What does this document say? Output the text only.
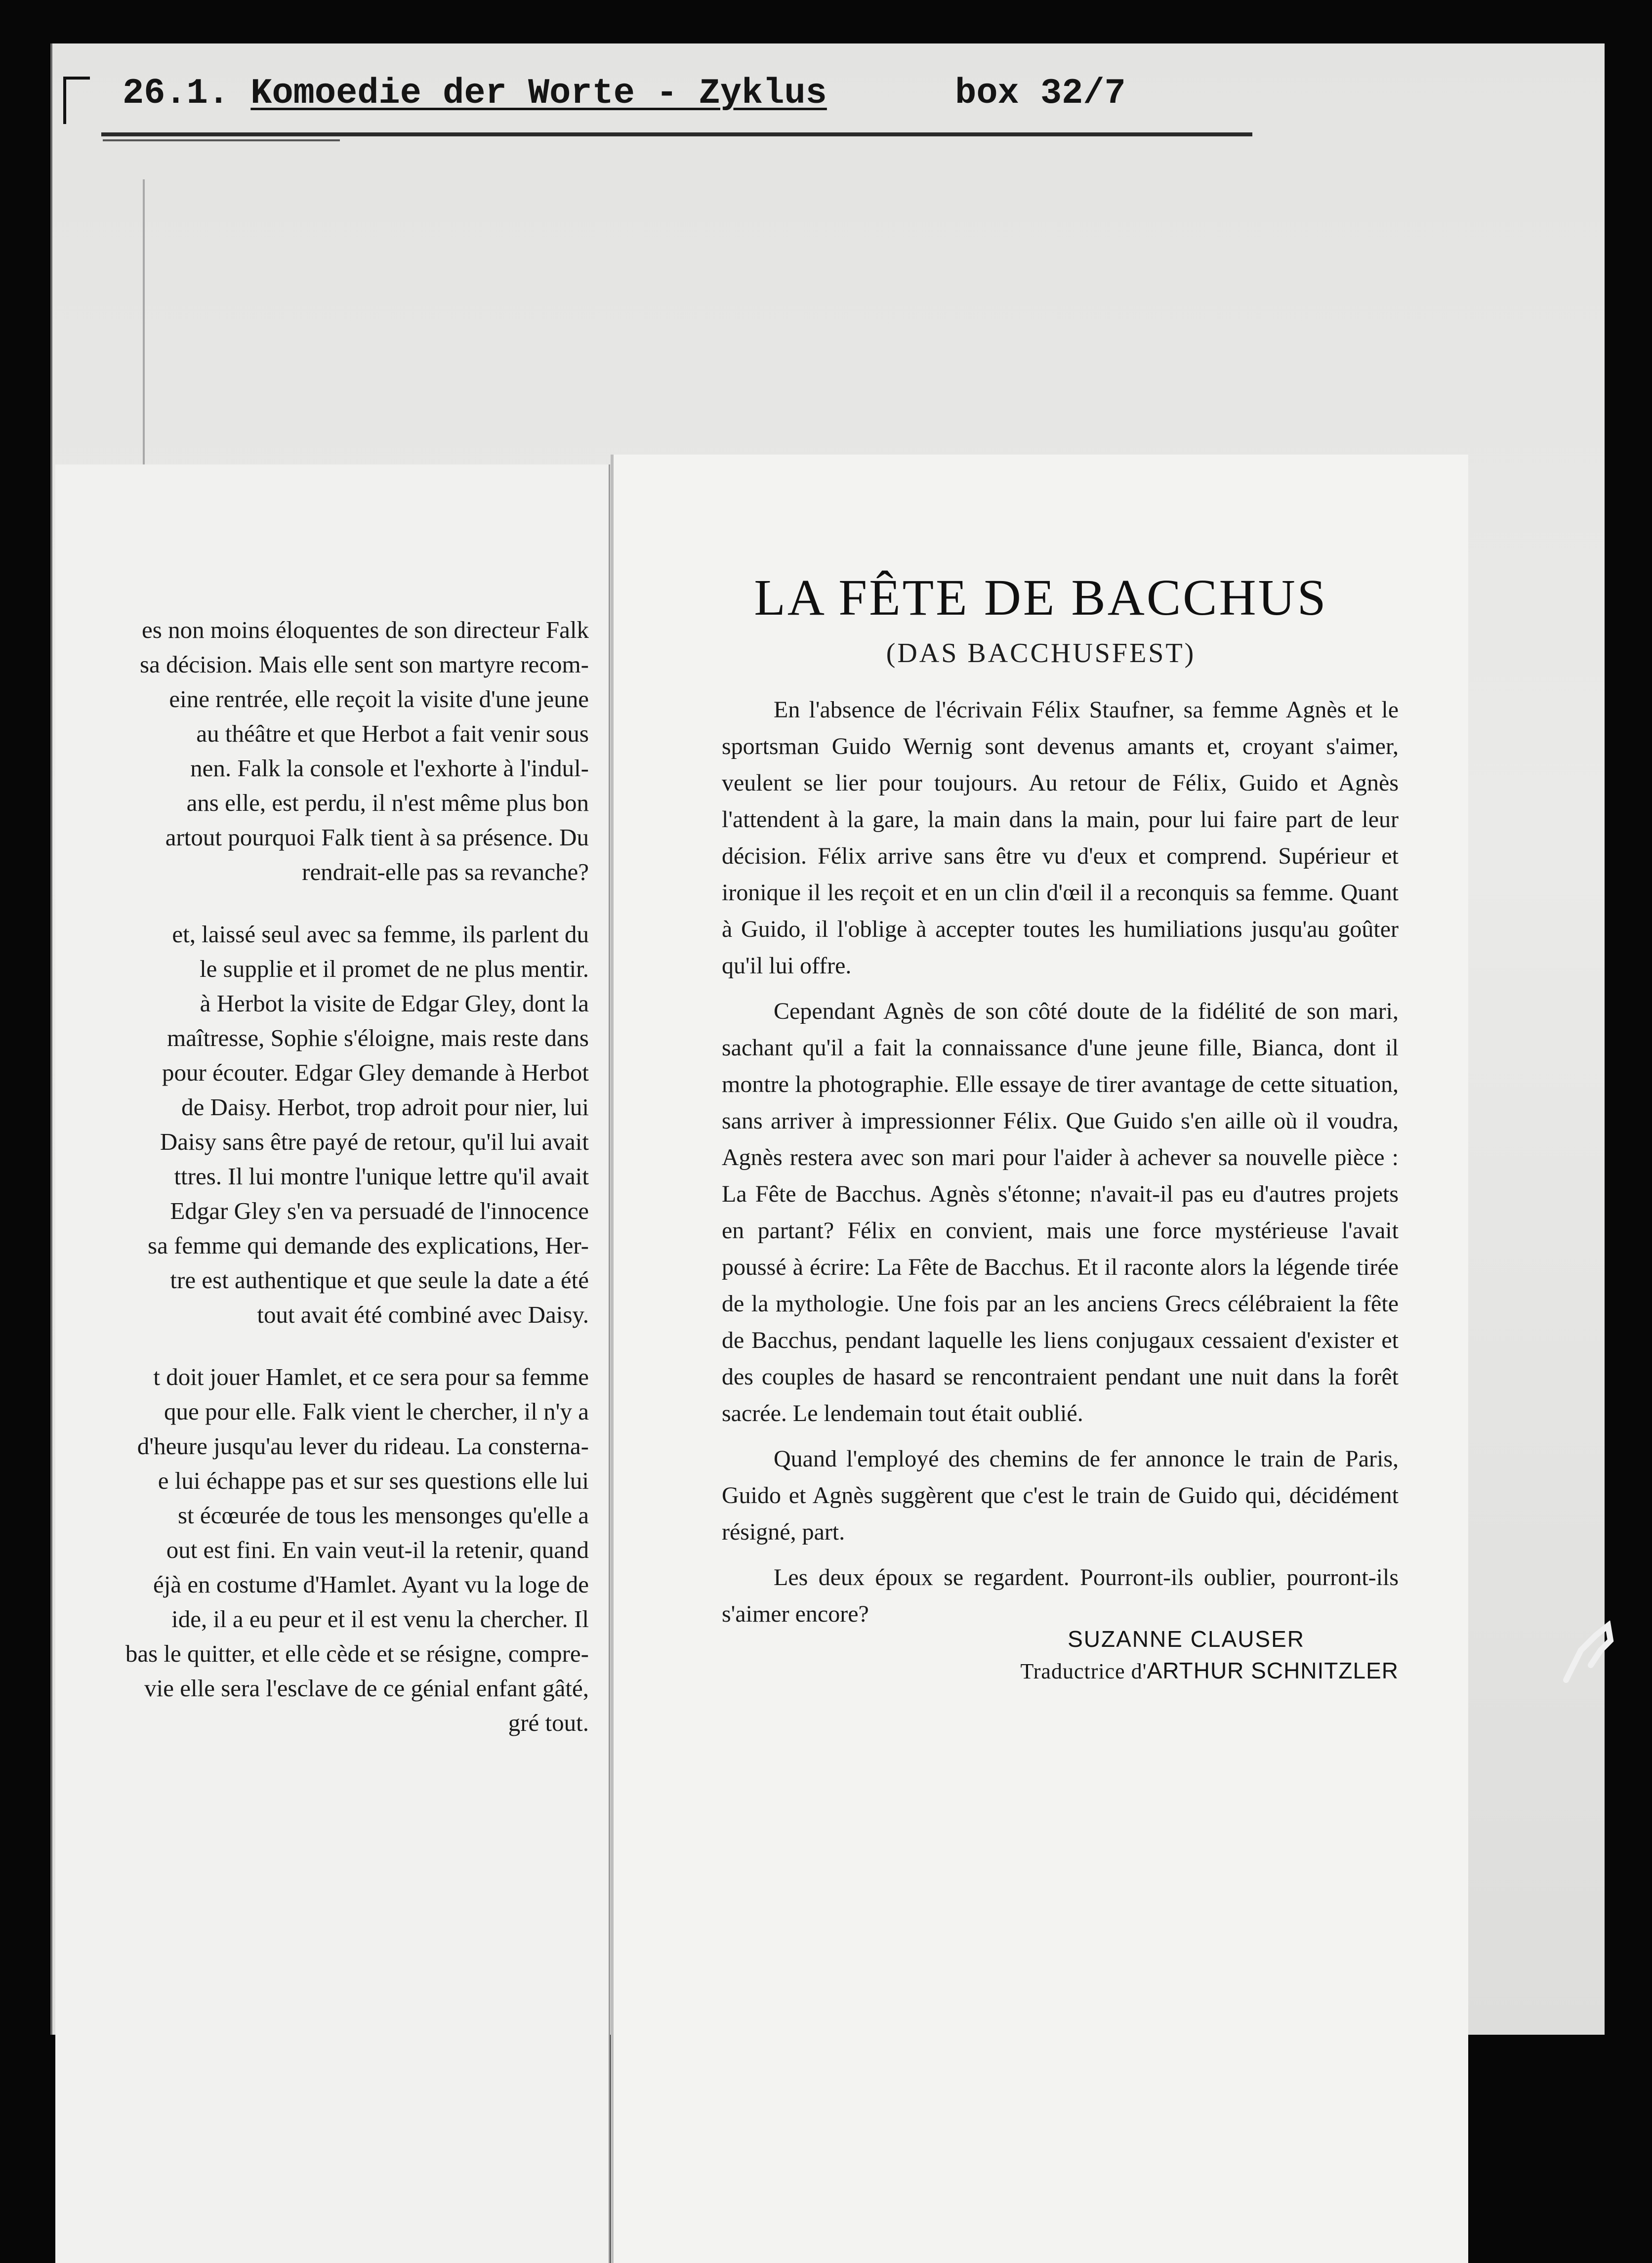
26.1. Komoedie der Worte - Zyklus	box 32/7
es non moins éloquentes de son directeur Falk
sa décision. Mais elle sent son martyre recom-
eine rentrée, elle reçoit la visite d'une jeune
au théâtre et que Herbot a fait venir sous
nen. Falk la console et l'exhorte à l'indul-
ans elle, est perdu, il n'est même plus bon
artout pourquoi Falk tient à sa présence. Du
rendrait-elle pas sa revanche?
et, laissé seul avec sa femme, ils parlent du
le supplie et il promet de ne plus mentir.
à Herbot la visite de Edgar Gley, dont la
maîtresse, Sophie s'éloigne, mais reste dans
pour écouter. Edgar Gley demande à Herbot
de Daisy. Herbot, trop adroit pour nier, lui
Daisy sans être payé de retour, qu'il lui avait
ttres. Il lui montre l'unique lettre qu'il avait
Edgar Gley s'en va persuadé de l'innocence
sa femme qui demande des explications, Her-
tre est authentique et que seule la date a été
tout avait été combiné avec Daisy.
t doit jouer Hamlet, et ce sera pour sa femme
que pour elle. Falk vient le chercher, il n'y a
d'heure jusqu'au lever du rideau. La consterna-
e lui échappe pas et sur ses questions elle lui
st écœurée de tous les mensonges qu'elle a
out est fini. En vain veut-il la retenir, quand
éjà en costume d'Hamlet. Ayant vu la loge de
ide, il a eu peur et il est venu la chercher. Il
bas le quitter, et elle cède et se résigne, compre-
vie elle sera l'esclave de ce génial enfant gâté,
gré tout.
LA FÊTE DE BACCHUS
(DAS BACCHUSFEST)

En l'absence de l'écrivain Félix Staufner, sa femme Agnès et le sportsman Guido Wernig sont devenus amants et, croyant s'aimer, veulent se lier pour toujours. Au retour de Félix, Guido et Agnès l'attendent à la gare, la main dans la main, pour lui faire part de leur décision. Félix arrive sans être vu d'eux et comprend. Supérieur et ironique il les reçoit et en un clin d'œil il a reconquis sa femme. Quant à Guido, il l'oblige à accepter toutes les humiliations jusqu'au goûter qu'il lui offre.

Cependant Agnès de son côté doute de la fidélité de son mari, sachant qu'il a fait la connaissance d'une jeune fille, Bianca, dont il montre la photographie. Elle essaye de tirer avantage de cette situation, sans arriver à impressionner Félix. Que Guido s'en aille où il voudra, Agnès restera avec son mari pour l'aider à achever sa nouvelle pièce : La Fête de Bacchus. Agnès s'étonne; n'avait-il pas eu d'autres projets en partant? Félix en convient, mais une force mystérieuse l'avait poussé à écrire: La Fête de Bacchus. Et il raconte alors la légende tirée de la mythologie. Une fois par an les anciens Grecs célébraient la fête de Bacchus, pendant laquelle les liens conjugaux cessaient d'exister et des couples de hasard se rencontraient pendant une nuit dans la forêt sacrée. Le lendemain tout était oublié.

Quand l'employé des chemins de fer annonce le train de Paris, Guido et Agnès suggèrent que c'est le train de Guido qui, décidément résigné, part.

Les deux époux se regardent. Pourront-ils oublier, pourront-ils s'aimer encore?

SUZANNE CLAUSER
Traductrice d'ARTHUR SCHNITZLER
